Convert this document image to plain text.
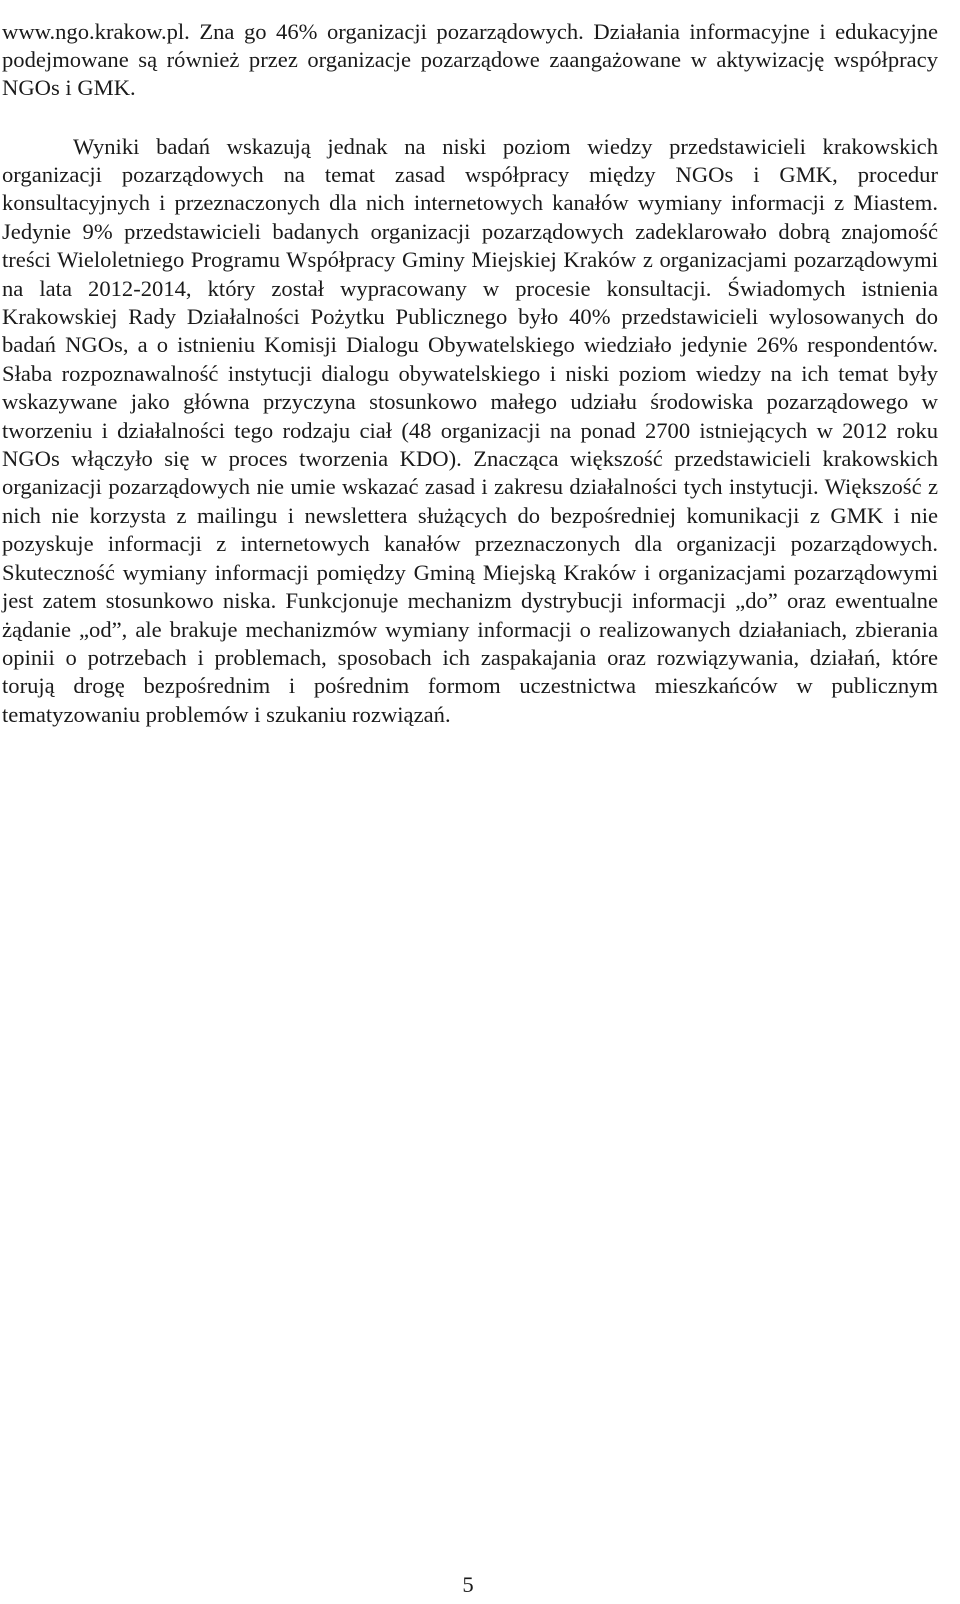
www.ngo.krakow.pl. Zna go 46% organizacji pozarządowych. Działania informacyjne i edukacyjne podejmowane są również przez organizacje pozarządowe zaangażowane w aktywizację współpracy NGOs i GMK.

Wyniki badań wskazują jednak na niski poziom wiedzy przedstawicieli krakowskich organizacji pozarządowych na temat zasad współpracy między NGOs i GMK, procedur konsultacyjnych i przeznaczonych dla nich internetowych kanałów wymiany informacji z Miastem. Jedynie 9% przedstawicieli badanych organizacji pozarządowych zadeklarowało dobrą znajomość treści Wieloletniego Programu Współpracy Gminy Miejskiej Kraków z organizacjami pozarządowymi na lata 2012-2014, który został wypracowany w procesie konsultacji. Świadomych istnienia Krakowskiej Rady Działalności Pożytku Publicznego było 40% przedstawicieli wylosowanych do badań NGOs, a o istnieniu Komisji Dialogu Obywatelskiego wiedziało jedynie 26% respondentów. Słaba rozpoznawalność instytucji dialogu obywatelskiego i niski poziom wiedzy na ich temat były wskazywane jako główna przyczyna stosunkowo małego udziału środowiska pozarządowego w tworzeniu i działalności tego rodzaju ciał (48 organizacji na ponad 2700 istniejących w 2012 roku NGOs włączyło się w proces tworzenia KDO). Znacząca większość przedstawicieli krakowskich organizacji pozarządowych nie umie wskazać zasad i zakresu działalności tych instytucji. Większość z nich nie korzysta z mailingu i newslettera służących do bezpośredniej komunikacji z GMK i nie pozyskuje informacji z internetowych kanałów przeznaczonych dla organizacji pozarządowych. Skuteczność wymiany informacji pomiędzy Gminą Miejską Kraków i organizacjami pozarządowymi jest zatem stosunkowo niska. Funkcjonuje mechanizm dystrybucji informacji „do” oraz ewentualne żądanie „od”, ale brakuje mechanizmów wymiany informacji o realizowanych działaniach, zbierania opinii o potrzebach i problemach, sposobach ich zaspakajania oraz rozwiązywania, działań, które torują drogę bezpośrednim i pośrednim formom uczestnictwa mieszkańców w publicznym tematyzowaniu problemów i szukaniu rozwiązań.

5
